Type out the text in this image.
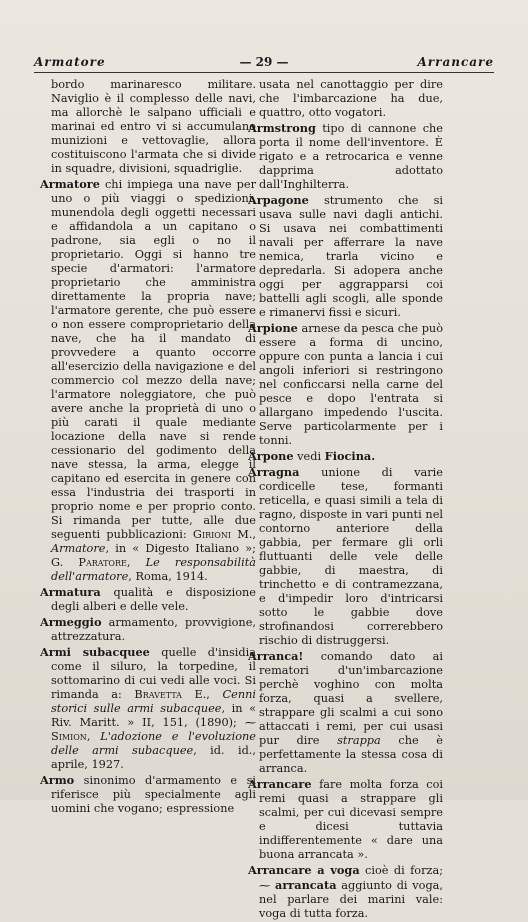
Armatore	— 29 —	Arrancare

bordo marinaresco militare. Naviglio è il complesso delle navi, ma allorchè le salpano ufficiali e marinai ed entro vi si accumulano munizioni e vettovaglie, allora costituiscono l'armata che si divide in squadre, divisioni, squadriglie.

Armatore chi impiega una nave per uno o più viaggi o spedizioni, munendola degli oggetti necessari e affidandola a un capitano o padrone, sia egli o no il proprietario. Oggi si hanno tre specie d'armatori: l'armatore proprietario che amministra direttamente la propria nave; l'armatore gerente, che può essere o non essere comproprietario della nave, che ha il mandato di provvedere a quanto occorre all'esercizio della navigazione e del commercio col mezzo della nave; l'armatore noleggiatore, che può avere anche la proprietà di uno o più carati il quale mediante locazione della nave si rende cessionario del godimento della nave stessa, la arma, elegge il capitano ed esercita in genere con essa l'industria dei trasporti in proprio nome e per proprio conto. Si rimanda per tutte, alle due seguenti pubblicazioni: Girioni M., Armatore, in « Digesto Italiano »; G. Paratore, Le responsabilità dell'armatore, Roma, 1914.

Armatura qualità e disposizione degli alberi e delle vele.

Armeggio armamento, provvigione, attrezzatura.

Armi subacquee quelle d'insidia come il siluro, la torpedine, il sottomarino di cui vedi alle voci. Si rimanda a: Bravetta E., Cenni storici sulle armi subacquee, in « Riv. Maritt. » II, 151, (1890); ⁓ Simion, L'adozione e l'evoluzione delle armi subacquee, id. id., aprile, 1927.

Armo sinonimo d'armamento e si riferisce più specialmente agli uomini che vogano; espressione

usata nel canottaggio per dire che l'imbarcazione ha due, quattro, otto vogatori.

Armstrong tipo di cannone che porta il nome dell'inventore. È rigato e a retrocarica e venne dapprima adottato dall'Inghilterra.

Arpagone strumento che si usava sulle navi dagli antichi. Si usava nei combattimenti navali per afferrare la nave nemica, trarla vicino e depredarla. Si adopera anche oggi per aggrapparsi coi battelli agli scogli, alle sponde e rimanervi fissi e sicuri.

Arpione arnese da pesca che può essere a forma di uncino, oppure con punta a lancia i cui angoli inferiori si restringono nel conficcarsi nella carne del pesce e dopo l'entrata si allargano impedendo l'uscita. Serve particolarmente per i tonni.

Arpone vedi Fiocina.

Arragna unione di varie cordicelle tese, formanti reticella, e quasi simili a tela di ragno, disposte in vari punti nel contorno anteriore della gabbia, per fermare gli orli fluttuanti delle vele delle gabbie, di maestra, di trinchetto e di contramezzana, e d'impedir loro d'intricarsi sotto le gabbie dove strofinandosi correrebbero rischio di distruggersi.

Arranca! comando dato ai rematori d'un'imbarcazione perchè voghino con molta forza, quasi a svellere, strappare gli scalmi a cui sono attaccati i remi, per cui usasi pur dire strappa che è perfettamente la stessa cosa di arranca.

Arrancare fare molta forza coi remi quasi a strappare gli scalmi, per cui dicevasi sempre e dicesi tuttavia indifferentemente « dare una buona arrancata ».

Arrancare a voga cioè di forza; ⁓ arrancata aggiunto di voga, nel parlare dei marini vale: voga di tutta forza.
